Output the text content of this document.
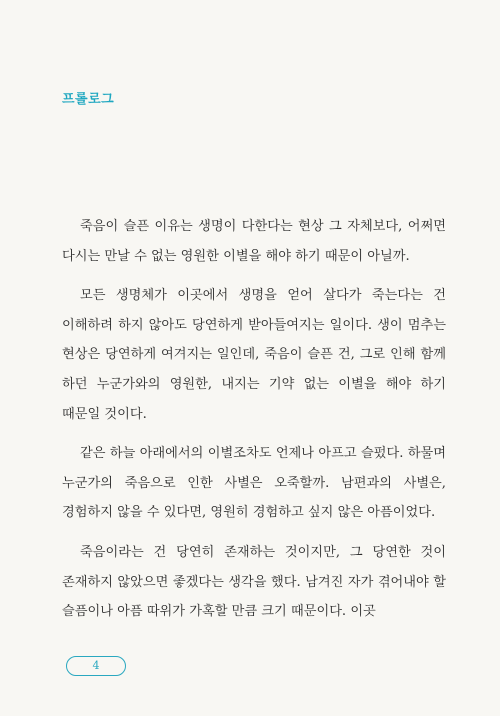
프롤로그

죽음이 슬픈 이유는 생명이 다한다는 현상 그 자체보다, 어쩌면 다시는 만날 수 없는 영원한 이별을 해야 하기 때문이 아닐까.

모든 생명체가 이곳에서 생명을 얻어 살다가 죽는다는 건 이해하려 하지 않아도 당연하게 받아들여지는 일이다. 생이 멈추는 현상은 당연하게 여겨지는 일인데, 죽음이 슬픈 건, 그로 인해 함께 하던 누군가와의 영원한, 내지는 기약 없는 이별을 해야 하기 때문일 것이다.

같은 하늘 아래에서의 이별조차도 언제나 아프고 슬펐다. 하물며 누군가의 죽음으로 인한 사별은 오죽할까. 남편과의 사별은, 경험하지 않을 수 있다면, 영원히 경험하고 싶지 않은 아픔이었다.

죽음이라는 건 당연히 존재하는 것이지만, 그 당연한 것이 존재하지 않았으면 좋겠다는 생각을 했다. 남겨진 자가 겪어내야 할 슬픔이나 아픔 따위가 가혹할 만큼 크기 때문이다. 이곳

4
